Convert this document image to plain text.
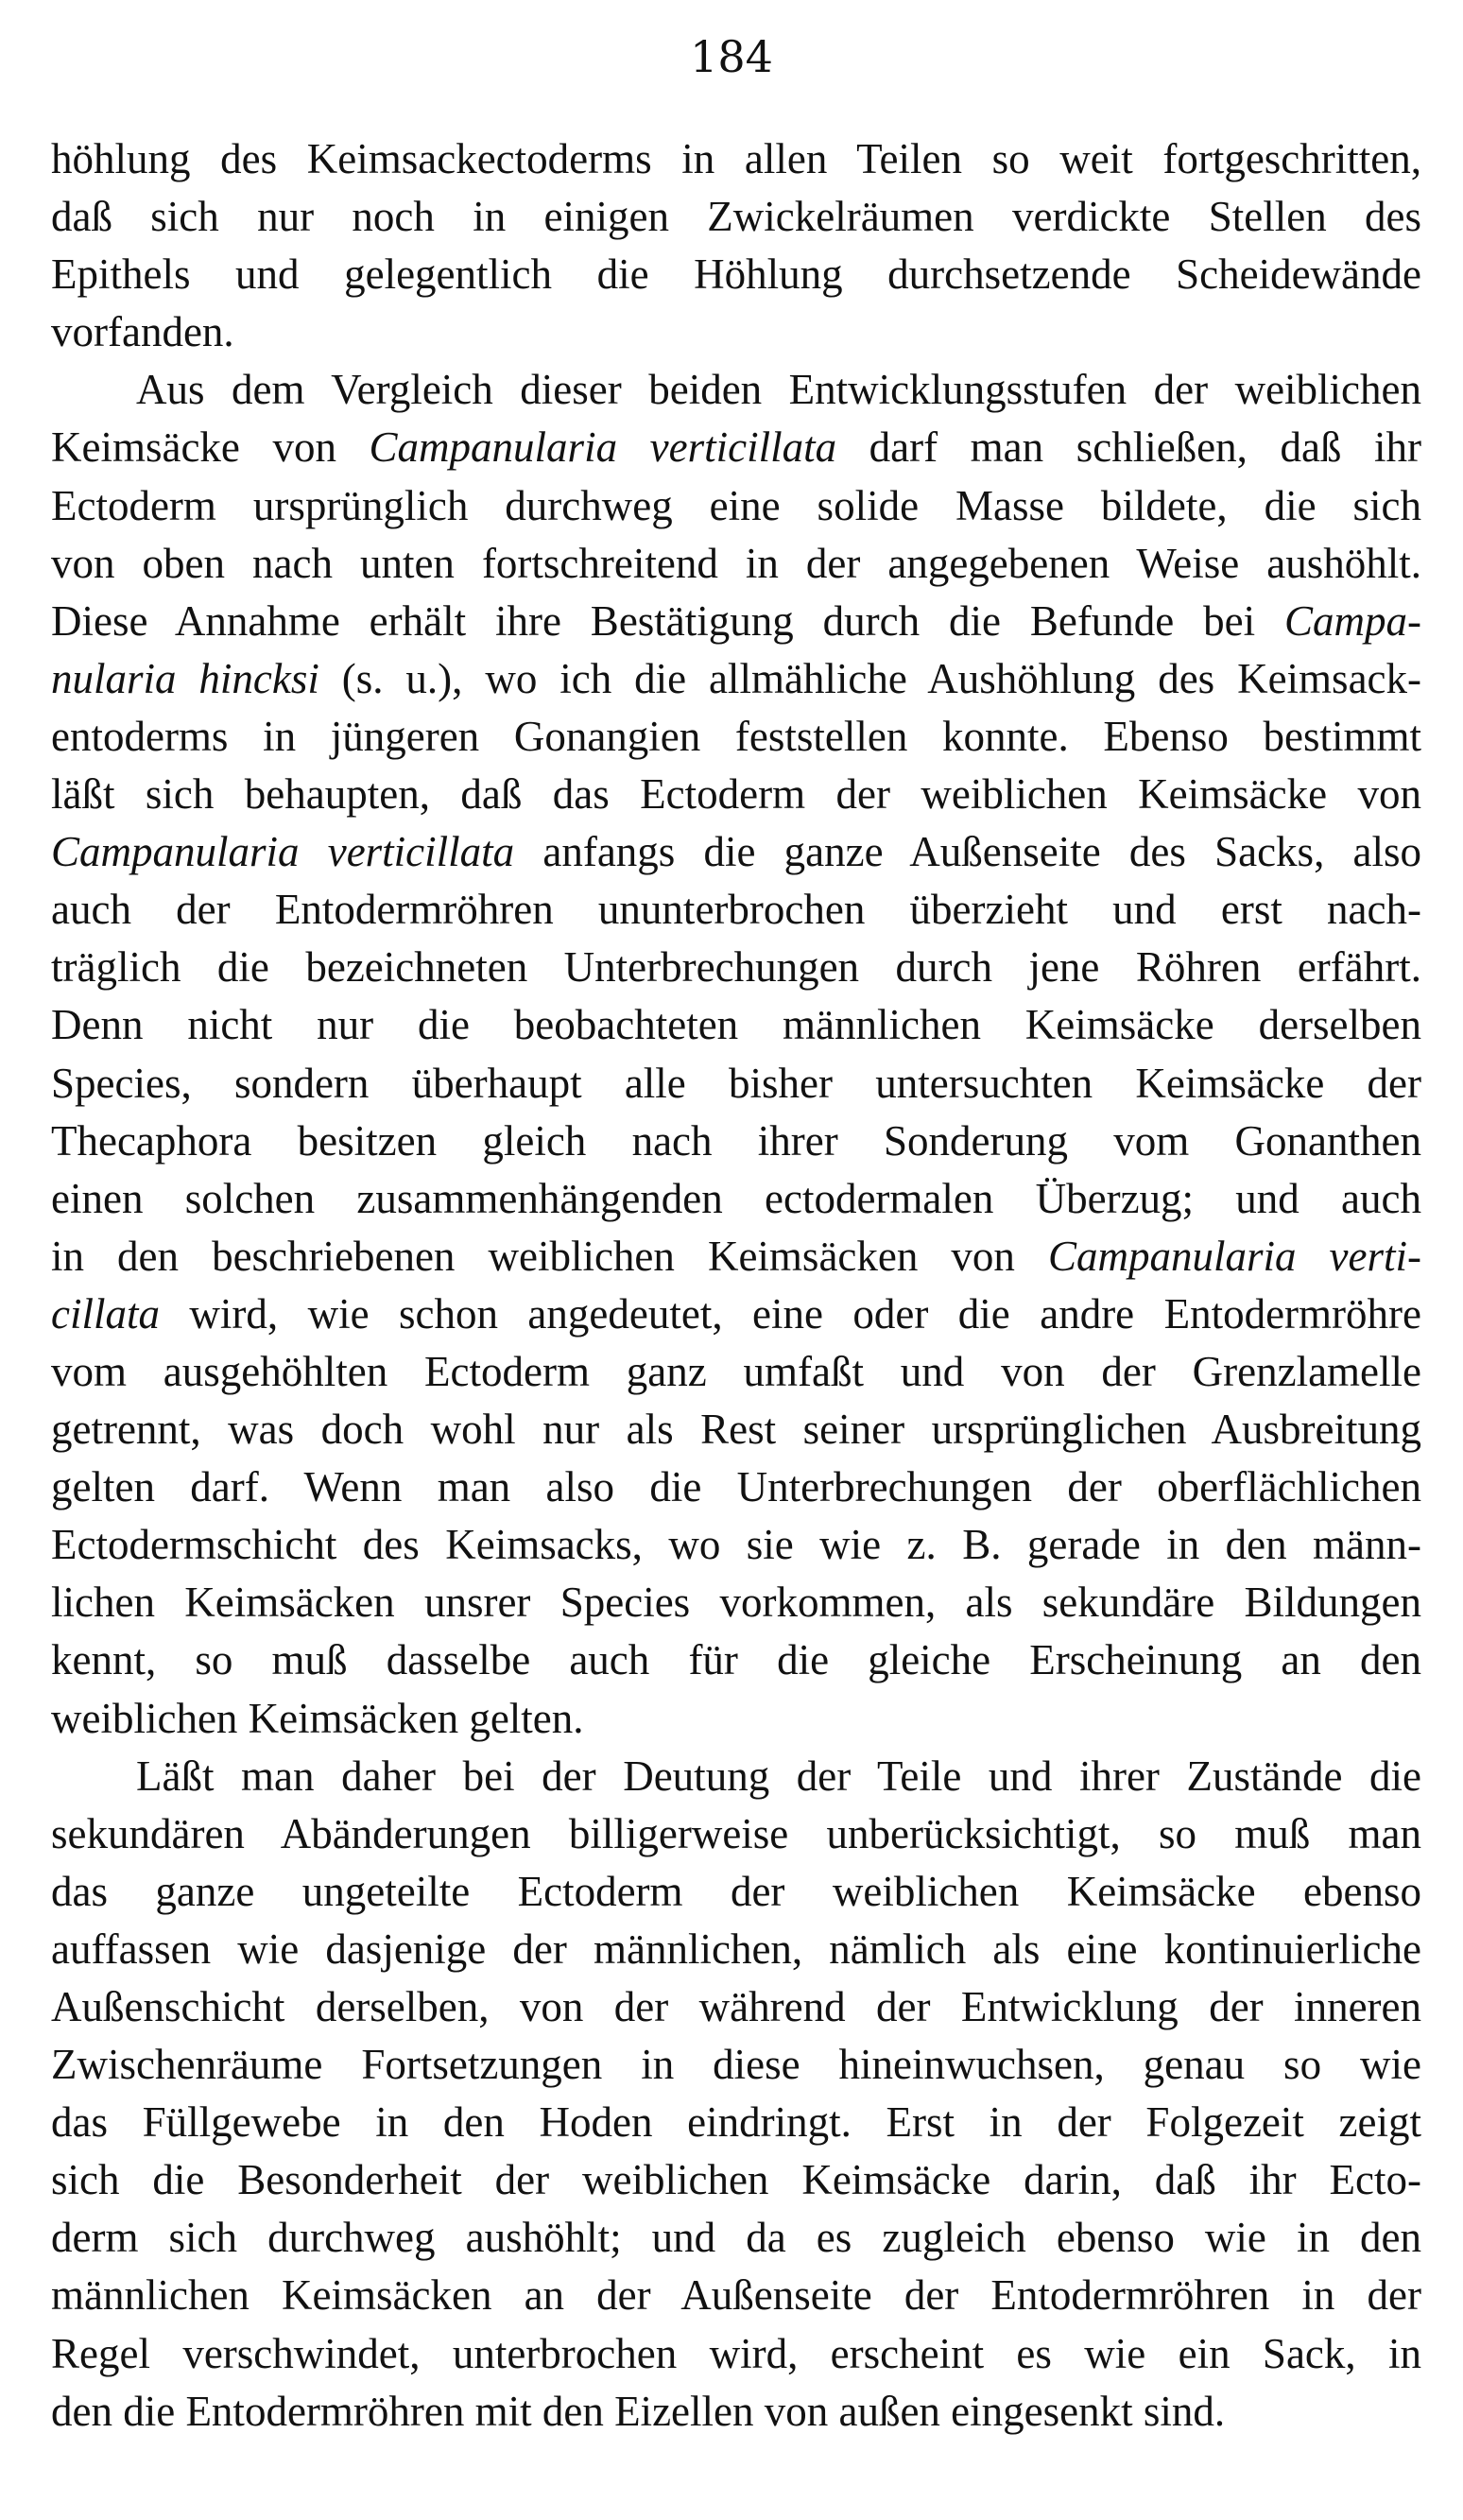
184
höhlung des Keimsackectoderms in allen Teilen so weit fortgeschritten,
daß sich nur noch in einigen Zwickelräumen verdickte Stellen des
Epithels und gelegentlich die Höhlung durchsetzende Scheidewände
vorfanden.
Aus dem Vergleich dieser beiden Entwicklungsstufen der weiblichen
Keimsäcke von Campanularia verticillata darf man schließen, daß ihr
Ectoderm ursprünglich durchweg eine solide Masse bildete, die sich
von oben nach unten fortschreitend in der angegebenen Weise aushöhlt.
Diese Annahme erhält ihre Bestätigung durch die Befunde bei Campa-
nularia hincksi (s. u.), wo ich die allmähliche Aushöhlung des Keimsack-
entoderms in jüngeren Gonangien feststellen konnte. Ebenso bestimmt
läßt sich behaupten, daß das Ectoderm der weiblichen Keimsäcke von
Campanularia verticillata anfangs die ganze Außenseite des Sacks, also
auch der Entodermröhren ununterbrochen überzieht und erst nach-
träglich die bezeichneten Unterbrechungen durch jene Röhren erfährt.
Denn nicht nur die beobachteten männlichen Keimsäcke derselben
Species, sondern überhaupt alle bisher untersuchten Keimsäcke der
Thecaphora besitzen gleich nach ihrer Sonderung vom Gonanthen
einen solchen zusammenhängenden ectodermalen Überzug; und auch
in den beschriebenen weiblichen Keimsäcken von Campanularia verti-
cillata wird, wie schon angedeutet, eine oder die andre Entodermröhre
vom ausgehöhlten Ectoderm ganz umfaßt und von der Grenzlamelle
getrennt, was doch wohl nur als Rest seiner ursprünglichen Ausbreitung
gelten darf. Wenn man also die Unterbrechungen der oberflächlichen
Ectodermschicht des Keimsacks, wo sie wie z. B. gerade in den männ-
lichen Keimsäcken unsrer Species vorkommen, als sekundäre Bildungen
kennt, so muß dasselbe auch für die gleiche Erscheinung an den
weiblichen Keimsäcken gelten.
Läßt man daher bei der Deutung der Teile und ihrer Zustände die
sekundären Abänderungen billigerweise unberücksichtigt, so muß man
das ganze ungeteilte Ectoderm der weiblichen Keimsäcke ebenso
auffassen wie dasjenige der männlichen, nämlich als eine kontinuierliche
Außenschicht derselben, von der während der Entwicklung der inneren
Zwischenräume Fortsetzungen in diese hineinwuchsen, genau so wie
das Füllgewebe in den Hoden eindringt. Erst in der Folgezeit zeigt
sich die Besonderheit der weiblichen Keimsäcke darin, daß ihr Ecto-
derm sich durchweg aushöhlt; und da es zugleich ebenso wie in den
männlichen Keimsäcken an der Außenseite der Entodermröhren in der
Regel verschwindet, unterbrochen wird, erscheint es wie ein Sack, in
den die Entodermröhren mit den Eizellen von außen eingesenkt sind.
